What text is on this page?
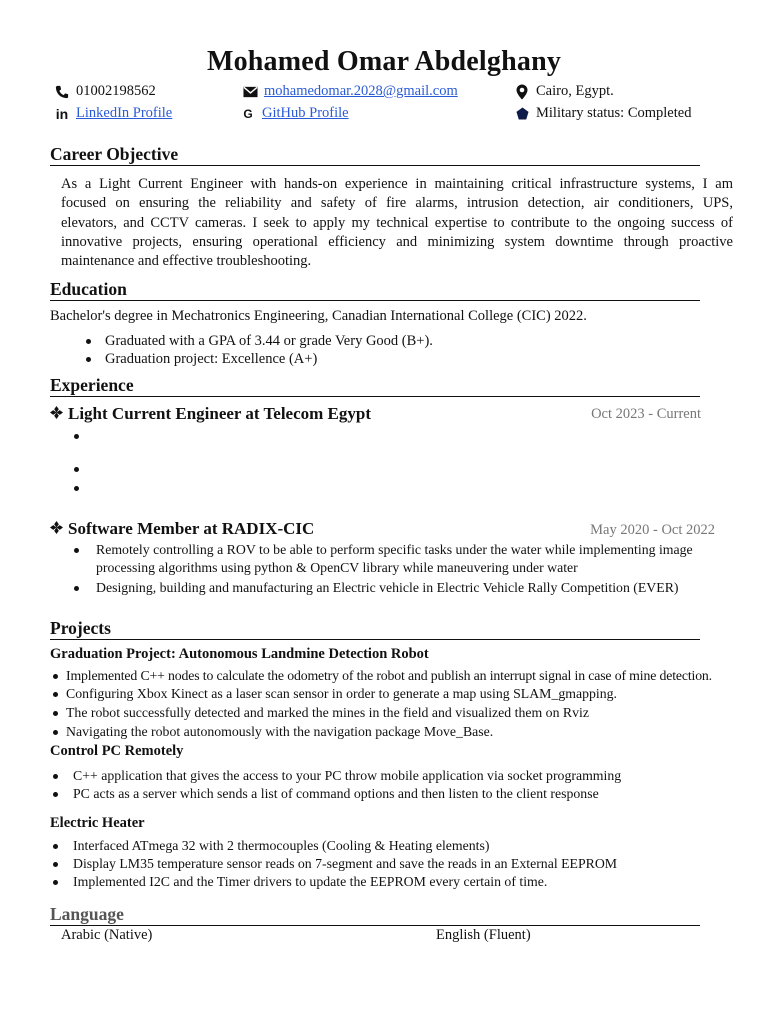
Mohamed Omar Abdelghany
01002198562	mohamedomar.2028@gmail.com	Cairo, Egypt.
in LinkedIn Profile	G GitHub Profile	Military status: Completed
Career Objective
As a Light Current Engineer with hands-on experience in maintaining critical infrastructure systems, I am
focused on ensuring the reliability and safety of fire alarms, intrusion detection, air conditioners, UPS,
elevators, and CCTV cameras. I seek to apply my technical expertise to contribute to the ongoing success of
innovative projects, ensuring operational efficiency and minimizing system downtime through proactive
maintenance and effective troubleshooting.
Education
Bachelor's degree in Mechatronics Engineering, Canadian International College (CIC) 2022.
Graduated with a GPA of 3.44 or grade Very Good (B+).
Graduation project: Excellence (A+)
Experience
Light Current Engineer at Telecom Egypt	Oct 2023 - Current
Software Member at RADIX-CIC	May 2020 - Oct 2022
Remotely controlling a ROV to be able to perform specific tasks under the water while implementing image
processing algorithms using python & OpenCV library while maneuvering under water
Designing, building and manufacturing an Electric vehicle in Electric Vehicle Rally Competition (EVER)
Projects
Graduation Project: Autonomous Landmine Detection Robot
Implemented C++ nodes to calculate the odometry of the robot and publish an interrupt signal in case of mine detection.
Configuring Xbox Kinect as a laser scan sensor in order to generate a map using SLAM_gmapping.
The robot successfully detected and marked the mines in the field and visualized them on Rviz
Navigating the robot autonomously with the navigation package Move_Base.
Control PC Remotely
C++ application that gives the access to your PC throw mobile application via socket programming
PC acts as a server which sends a list of command options and then listen to the client response
Electric Heater
Interfaced ATmega 32 with 2 thermocouples (Cooling & Heating elements)
Display LM35 temperature sensor reads on 7-segment and save the reads in an External EEPROM
Implemented I2C and the Timer drivers to update the EEPROM every certain of time.
Language
Arabic (Native)	English (Fluent)
